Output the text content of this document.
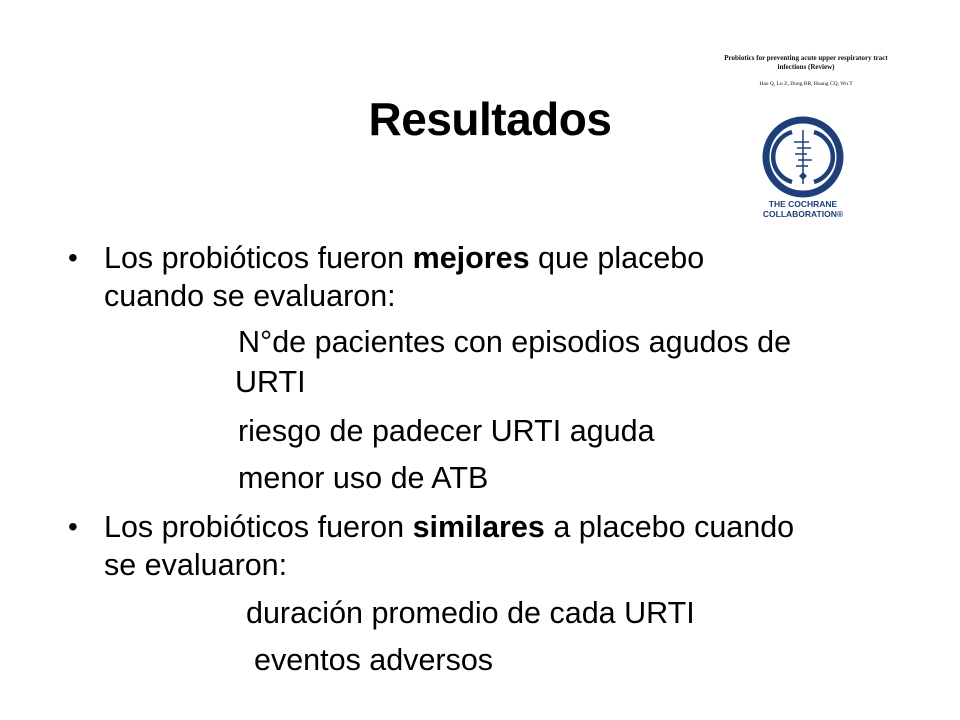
Resultados
Probiotics for preventing acute upper respiratory tract
infections (Review)
Hao Q, Lu Z, Dong BR, Huang CQ, Wu T
THE COCHRANE
COLLABORATION®
• Los probióticos fueron mejores que placebo
cuando se evaluaron:
N°de pacientes con episodios agudos de
URTI
riesgo de padecer URTI aguda
menor uso de ATB
• Los probióticos fueron similares a placebo cuando
se evaluaron:
duración promedio de cada URTI
eventos adversos
